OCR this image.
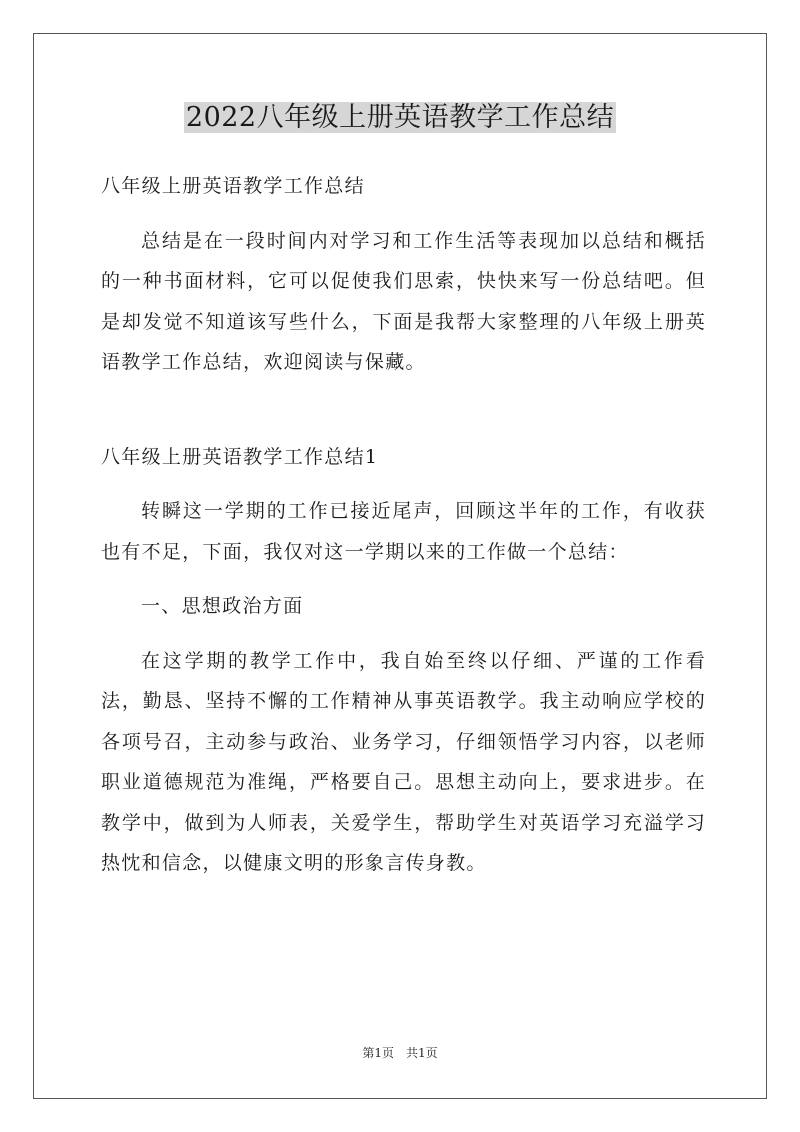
2022八年级上册英语教学工作总结

八年级上册英语教学工作总结

总结是在一段时间内对学习和工作生活等表现加以总结和概括的一种书面材料，它可以促使我们思索，快快来写一份总结吧。但是却发觉不知道该写些什么，下面是我帮大家整理的八年级上册英语教学工作总结，欢迎阅读与保藏。

八年级上册英语教学工作总结1

转瞬这一学期的工作已接近尾声，回顾这半年的工作，有收获也有不足，下面，我仅对这一学期以来的工作做一个总结：

一、思想政治方面

在这学期的教学工作中，我自始至终以仔细、严谨的工作看法，勤恳、坚持不懈的工作精神从事英语教学。我主动响应学校的各项号召，主动参与政治、业务学习，仔细领悟学习内容，以老师职业道德规范为准绳，严格要自己。思想主动向上，要求进步。在教学中，做到为人师表，关爱学生，帮助学生对英语学习充溢学习热忱和信念，以健康文明的形象言传身教。

第1页　共1页
